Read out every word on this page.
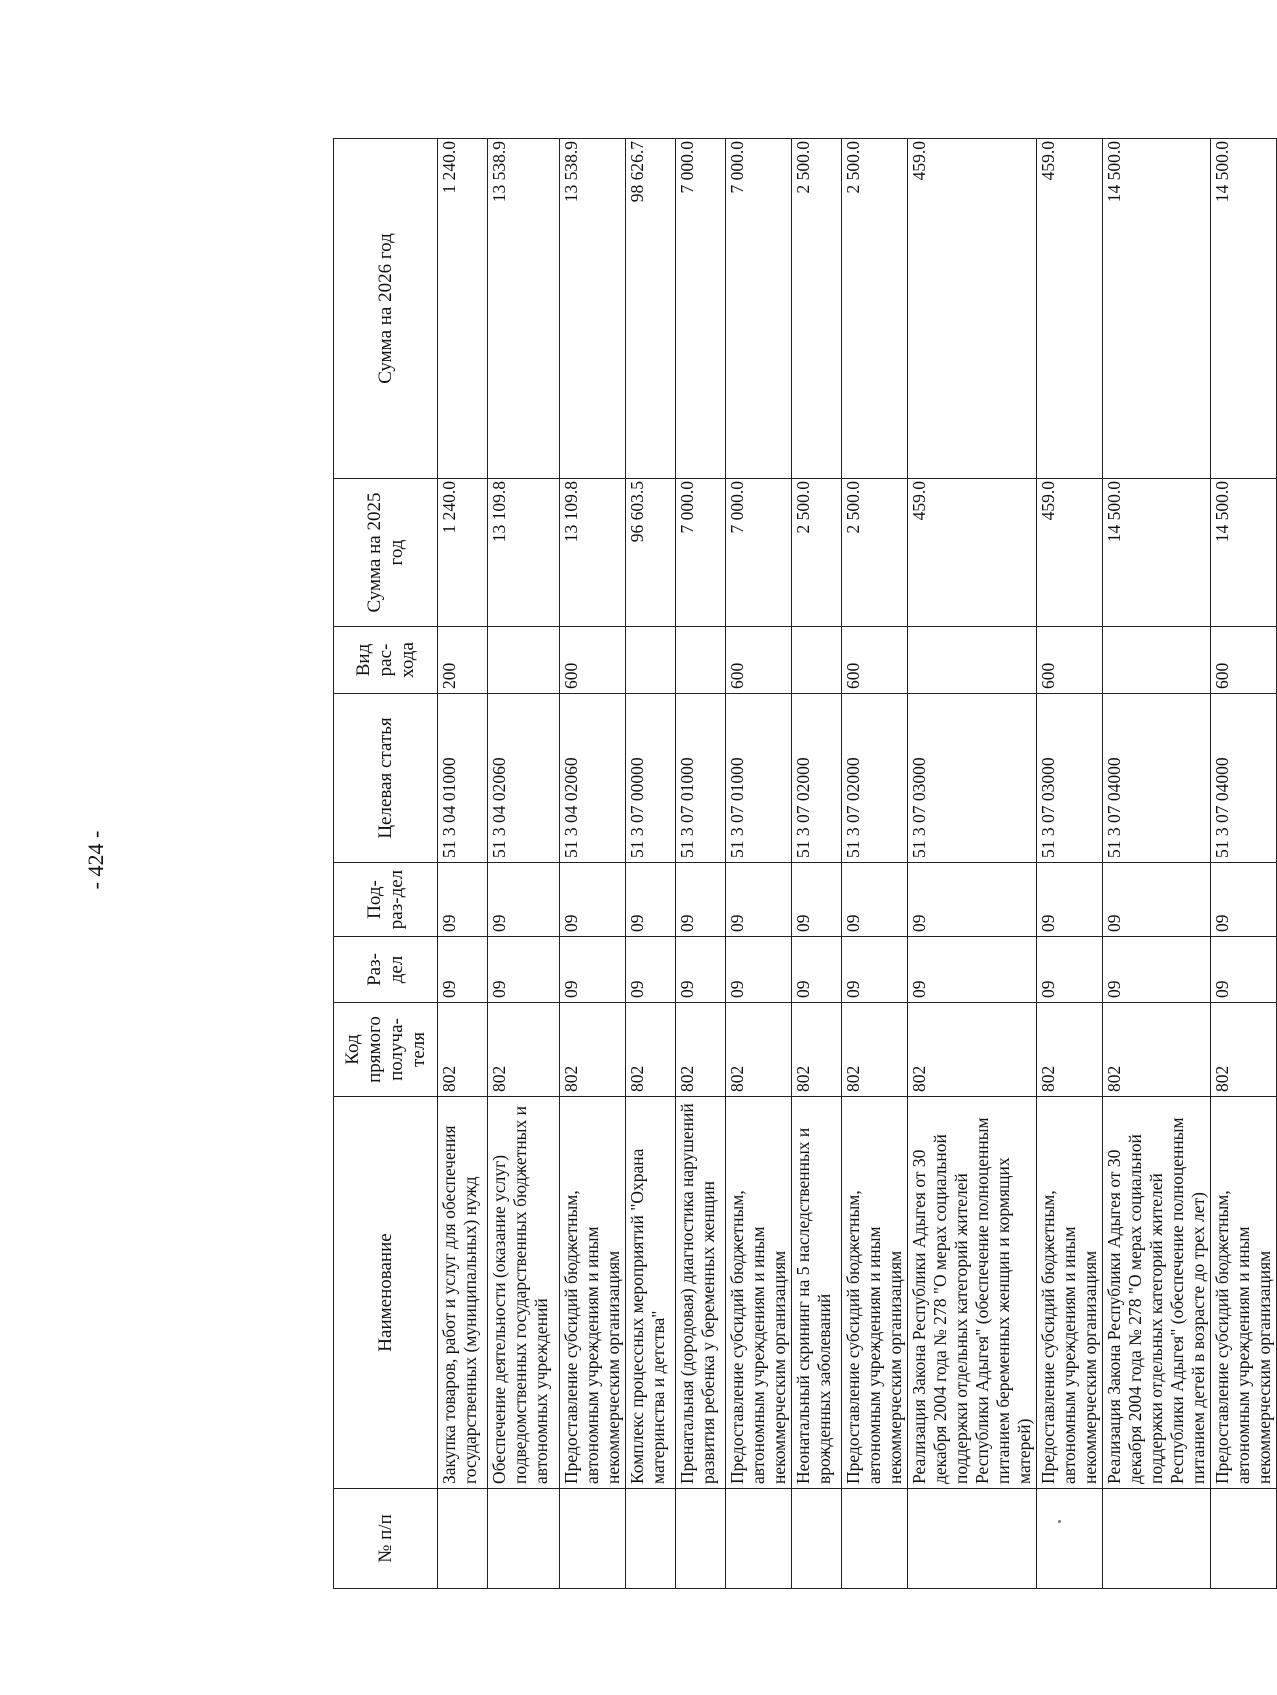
- 424 -
№ п/п	Наименование	Код прямого получа-теля	Раз-дел	Под-раз-дел	Целевая статья	Вид рас-хода	Сумма на 2025 год	Сумма на 2026 год
	Закупка товаров, работ и услуг для обеспечения государственных (муниципальных) нужд	802	09	09	51 3 04 01000	200	1 240.0	1 240.0
	Обеспечение деятельности (оказание услуг) подведомственных государственных бюджетных и автономных учреждений	802	09	09	51 3 04 02060		13 109.8	13 538.9
	Предоставление субсидий бюджетным, автономным учреждениям и иным некоммерческим организациям	802	09	09	51 3 04 02060	600	13 109.8	13 538.9
	Комплекс процессных мероприятий "Охрана материнства и детства"	802	09	09	51 3 07 00000		96 603.5	98 626.7
	Пренатальная (дородовая) диагностика нарушений развития ребенка у беременных женщин	802	09	09	51 3 07 01000		7 000.0	7 000.0
	Предоставление субсидий бюджетным, автономным учреждениям и иным некоммерческим организациям	802	09	09	51 3 07 01000	600	7 000.0	7 000.0
	Неонатальный скрининг на 5 наследственных и врожденных заболеваний	802	09	09	51 3 07 02000		2 500.0	2 500.0
	Предоставление субсидий бюджетным, автономным учреждениям и иным некоммерческим организациям	802	09	09	51 3 07 02000	600	2 500.0	2 500.0
	Реализация Закона Республики Адыгея от 30 декабря 2004 года № 278 "О мерах социальной поддержки отдельных категорий жителей Республики Адыгея" (обеспечение полноценным питанием беременных женщин и кормящих матерей)	802	09	09	51 3 07 03000		459.0	459.0
	Предоставление субсидий бюджетным, автономным учреждениям и иным некоммерческим организациям	802	09	09	51 3 07 03000	600	459.0	459.0
	Реализация Закона Республики Адыгея от 30 декабря 2004 года № 278 "О мерах социальной поддержки отдельных категорий жителей Республики Адыгея" (обеспечение полноценным питанием детей в возрасте до трех лет)	802	09	09	51 3 07 04000		14 500.0	14 500.0
	Предоставление субсидий бюджетным, автономным учреждениям и иным некоммерческим организациям	802	09	09	51 3 07 04000	600	14 500.0	14 500.0
